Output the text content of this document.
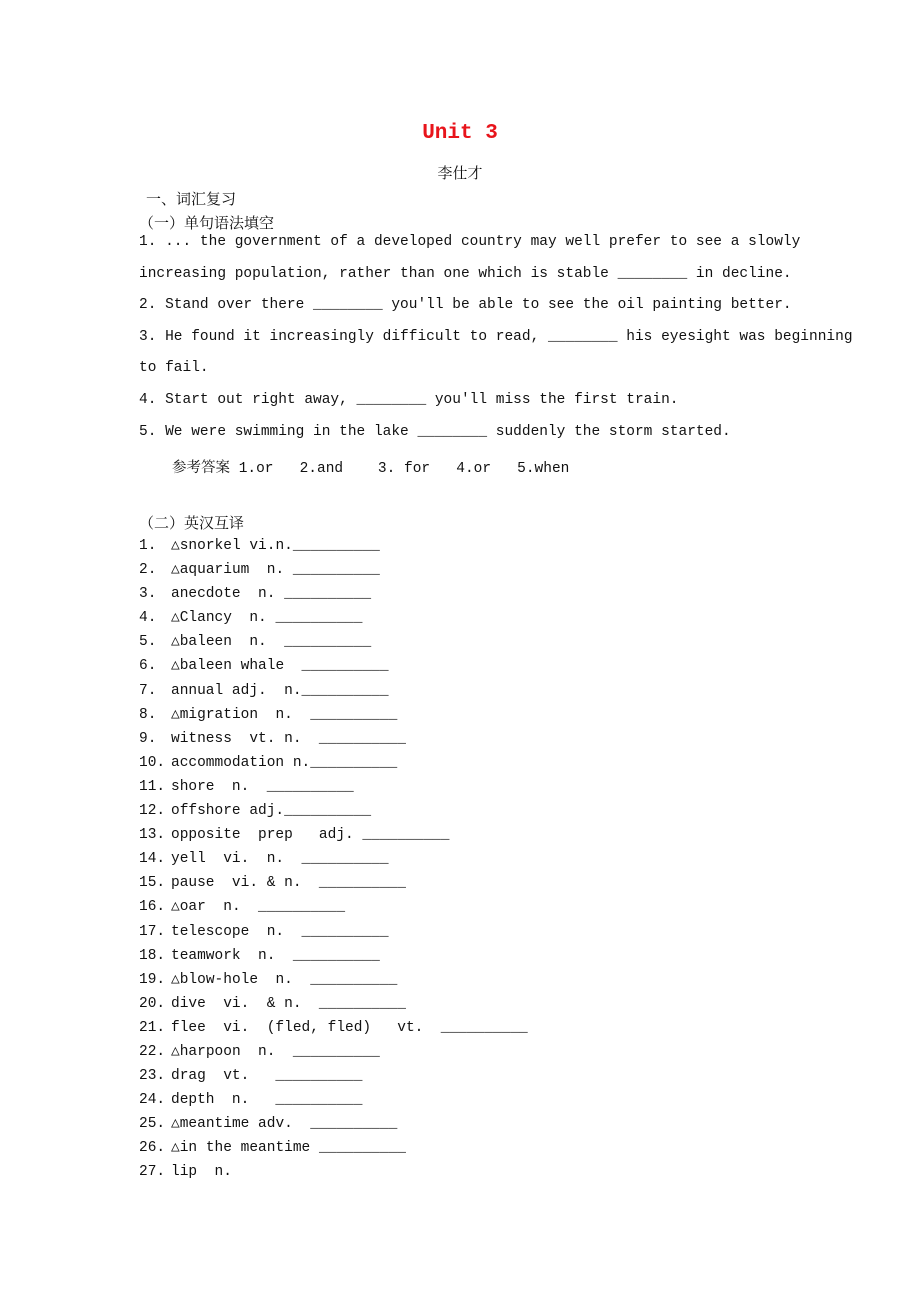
Unit 3
李仕才
一、词汇复习
（一）单句语法填空
1. ... the government of a developed country may well prefer to see a slowly
increasing population, rather than one which is stable ________ in decline.
2. Stand over there ________ you'll be able to see the oil painting better.
3. He found it increasingly difficult to read, ________ his eyesight was beginning
to fail.
4. Start out right away, ________ you'll miss the first train.
5. We were swimming in the lake ________ suddenly the storm started.
参考答案 1.or   2.and    3. for   4.or   5.when
（二）英汉互译
1. △snorkel vi.n.__________
2. △aquarium  n. __________
3. anecdote  n. __________
4. △Clancy  n. __________
5. △baleen  n.  __________
6. △baleen whale  __________
7. annual adj.  n.__________
8. △migration  n.  __________
9. witness  vt. n.  __________
10. accommodation n.__________
11. shore  n.  __________
12. offshore adj.__________
13. opposite  prep   adj. __________
14. yell  vi.  n.  __________
15. pause  vi. & n.  __________
16. △oar  n.  __________
17. telescope  n.  __________
18. teamwork  n.  __________
19. △blow-hole  n.  __________
20. dive  vi.  & n.  __________
21. flee  vi.  (fled, fled)   vt.  __________
22. △harpoon  n.  __________
23. drag  vt.   __________
24. depth  n.   __________
25. △meantime adv.  __________
26. △in the meantime __________
27. lip  n.
